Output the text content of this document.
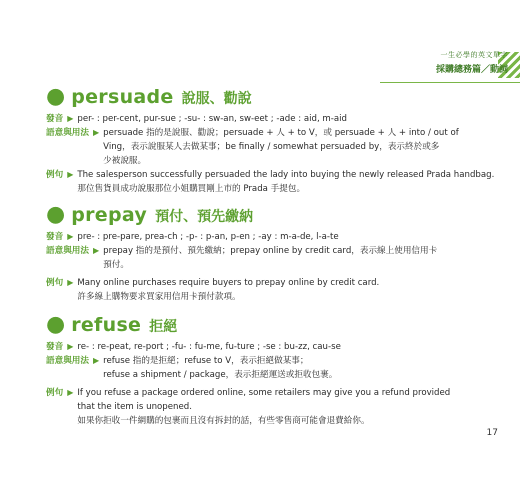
一生必學的英文單字
採購總務篇／動詞
● persuade 說服、勸說
發音 ▶ per- : per-cent, pur-sue ; -su- : sw-an, sw-eet ; -ade : aid, m-aid
語意與用法 ▶ persuade 指的是說服、勸說；persuade + 人 + to V，或 persuade + 人 + into / out of
Ving，表示說服某人去做某事；be finally / somewhat persuaded by，表示終於或多
少被說服。
例句 ▶ The salesperson successfully persuaded the lady into buying the newly released Prada handbag.
那位售貨員成功說服那位小姐購買剛上市的 Prada 手提包。
● prepay 預付、預先繳納
發音 ▶ pre- : pre-pare, prea-ch ; -p- : p-an, p-en ; -ay : m-a-de, l-a-te
語意與用法 ▶ prepay 指的是預付、預先繳納；prepay online by credit card，表示線上使用信用卡
預付。
例句 ▶ Many online purchases require buyers to prepay online by credit card.
許多線上購物要求買家用信用卡預付款項。
● refuse 拒絕
發音 ▶ re- : re-peat, re-port ; -fu- : fu-me, fu-ture ; -se : bu-zz, cau-se
語意與用法 ▶ refuse 指的是拒絕；refuse to V，表示拒絕做某事；
refuse a shipment / package，表示拒絕運送或拒收包裹。
例句 ▶ If you refuse a package ordered online, some retailers may give you a refund provided
that the item is unopened.
如果你拒收一件網購的包裹而且沒有拆封的話，有些零售商可能會退費給你。
17
